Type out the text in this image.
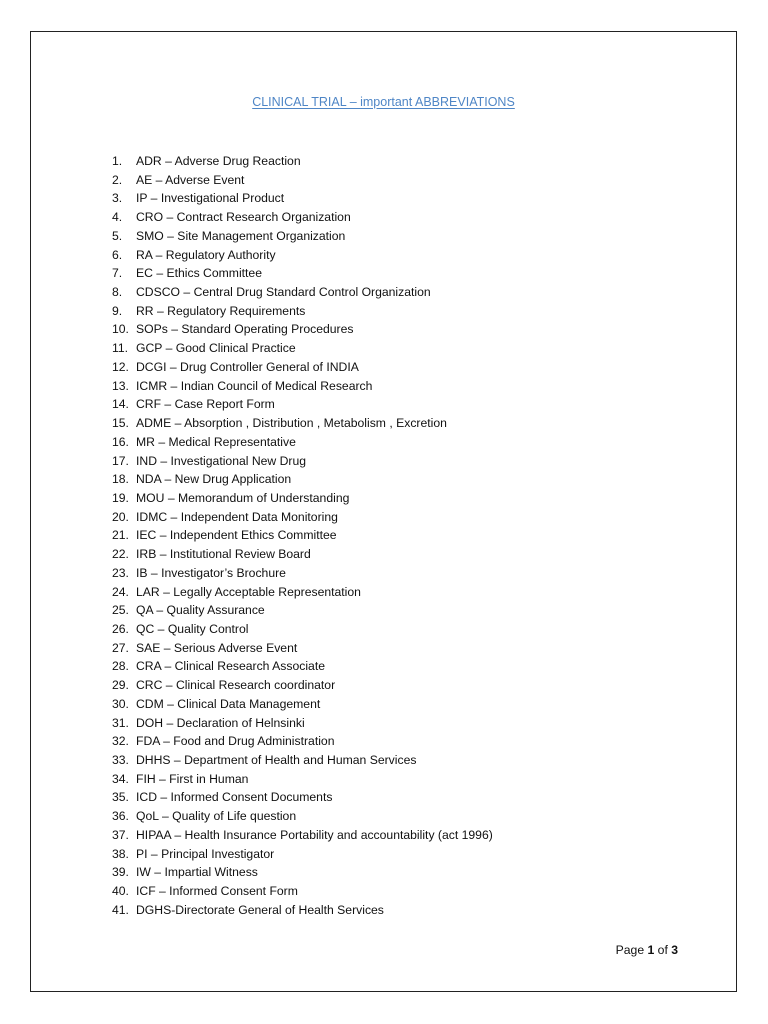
CLINICAL TRIAL – important ABBREVIATIONS
1.	ADR – Adverse Drug Reaction
2.	AE – Adverse Event
3.	IP – Investigational Product
4.	CRO – Contract Research Organization
5.	SMO – Site Management Organization
6.	RA – Regulatory Authority
7.	EC – Ethics Committee
8.	CDSCO – Central Drug Standard Control Organization
9.	RR – Regulatory Requirements
10. SOPs – Standard Operating Procedures
11. GCP – Good Clinical Practice
12. DCGI – Drug Controller General of INDIA
13. ICMR – Indian Council of Medical Research
14. CRF – Case Report Form
15. ADME – Absorption , Distribution , Metabolism , Excretion
16. MR – Medical Representative
17. IND – Investigational New Drug
18. NDA – New Drug Application
19. MOU – Memorandum of Understanding
20. IDMC – Independent Data Monitoring
21. IEC – Independent Ethics Committee
22. IRB – Institutional Review Board
23. IB – Investigator’s Brochure
24. LAR – Legally Acceptable Representation
25. QA – Quality Assurance
26. QC – Quality Control
27. SAE – Serious Adverse Event
28. CRA – Clinical Research Associate
29. CRC – Clinical Research coordinator
30. CDM – Clinical Data Management
31. DOH – Declaration of Helnsinki
32. FDA – Food and Drug Administration
33. DHHS – Department of Health and Human Services
34. FIH – First in Human
35. ICD – Informed Consent Documents
36. QoL – Quality of Life question
37. HIPAA – Health Insurance Portability and accountability (act 1996)
38. PI – Principal Investigator
39. IW – Impartial Witness
40. ICF – Informed Consent Form
41. DGHS-Directorate General of Health Services
Page 1 of 3
